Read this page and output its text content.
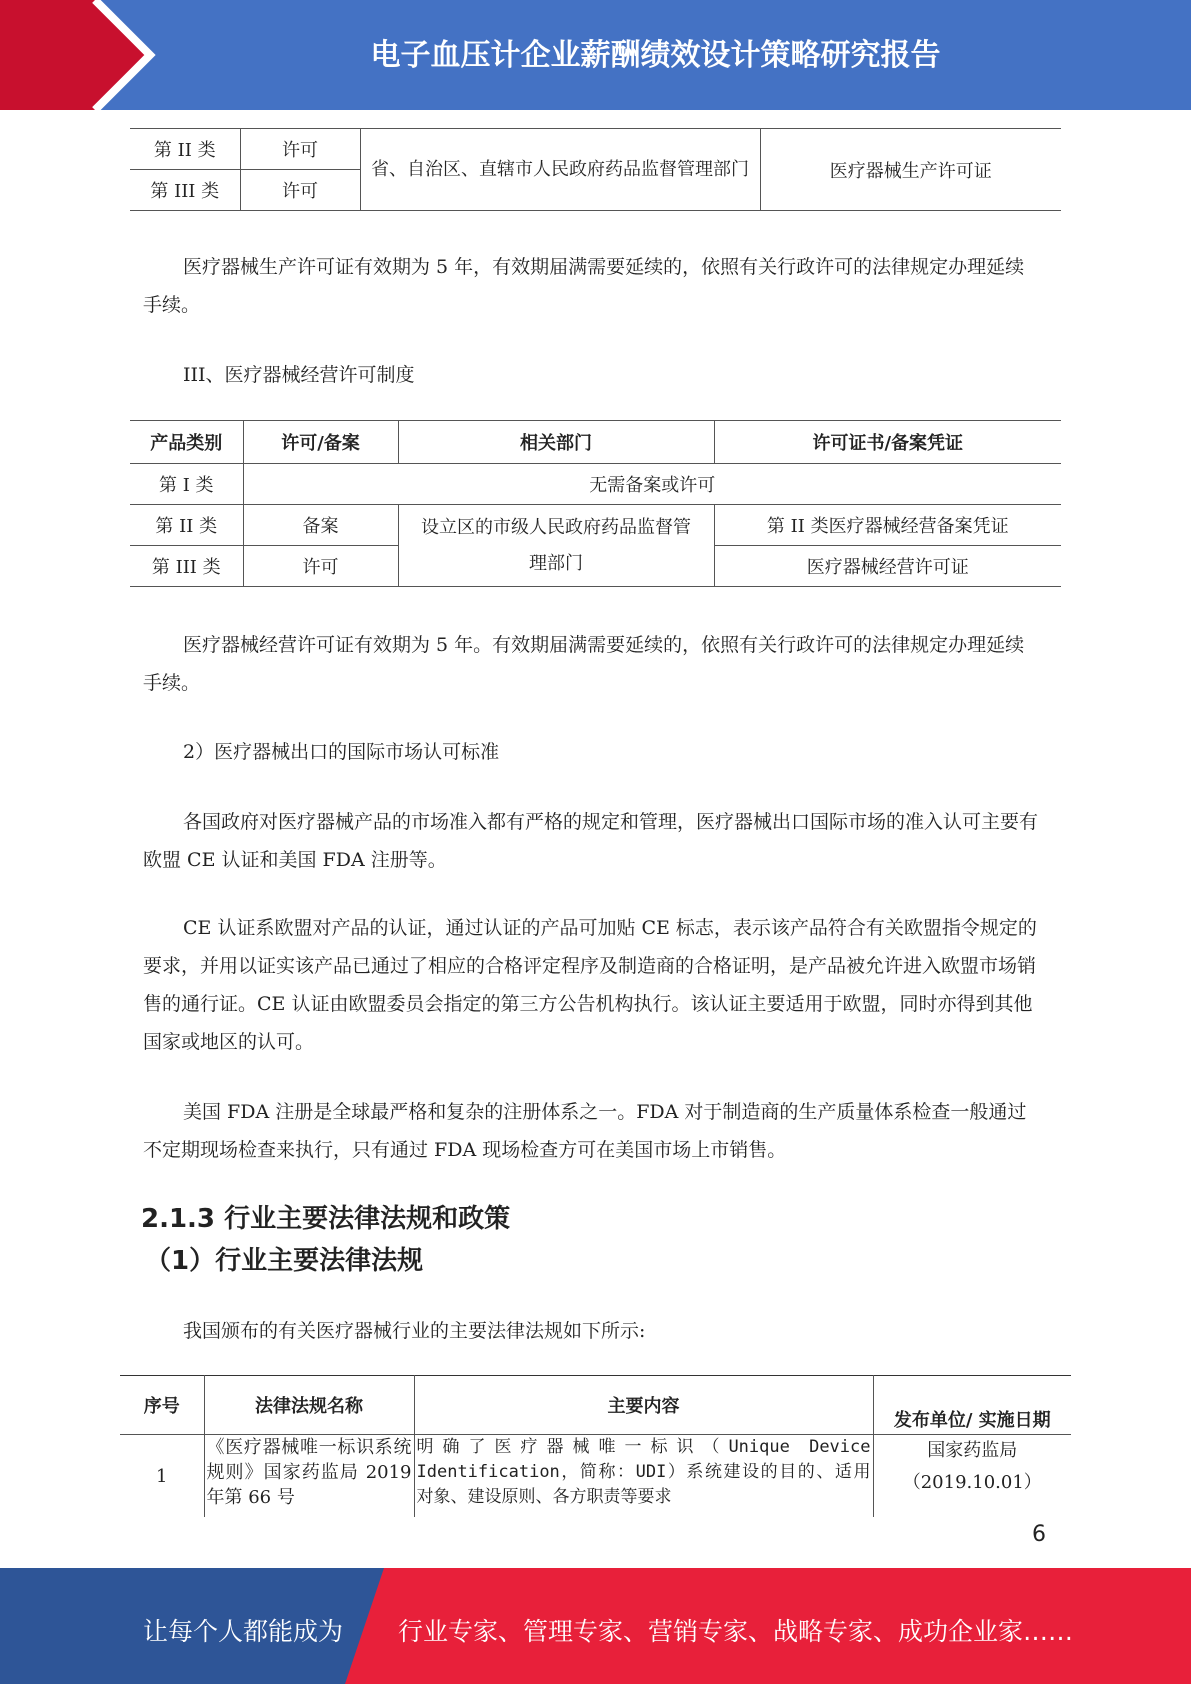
电子血压计企业薪酬绩效设计策略研究报告
第 II 类	许可	省、自治区、直辖市人民政府药品监督管理部门	医疗器械生产许可证
第 III 类	许可		
医疗器械生产许可证有效期为 5 年，有效期届满需要延续的，依照有关行政许可的法律规定办理延续手续。
III、医疗器械经营许可制度
产品类别	许可/备案	相关部门	许可证书/备案凭证
第 I 类	无需备案或许可		
第 II 类	备案	设立区的市级人民政府药品监督管理部门	第 II 类医疗器械经营备案凭证
第 III 类	许可		医疗器械经营许可证
医疗器械经营许可证有效期为 5 年。有效期届满需要延续的，依照有关行政许可的法律规定办理延续手续。
2）医疗器械出口的国际市场认可标准
各国政府对医疗器械产品的市场准入都有严格的规定和管理，医疗器械出口国际市场的准入认可主要有欧盟 CE 认证和美国 FDA 注册等。
CE 认证系欧盟对产品的认证，通过认证的产品可加贴 CE 标志，表示该产品符合有关欧盟指令规定的要求，并用以证实该产品已通过了相应的合格评定程序及制造商的合格证明，是产品被允许进入欧盟市场销售的通行证。CE 认证由欧盟委员会指定的第三方公告机构执行。该认证主要适用于欧盟，同时亦得到其他国家或地区的认可。
美国 FDA 注册是全球最严格和复杂的注册体系之一。FDA 对于制造商的生产质量体系检查一般通过不定期现场检查来执行，只有通过 FDA 现场检查方可在美国市场上市销售。
2.1.3 行业主要法律法规和政策
（1）行业主要法律法规
我国颁布的有关医疗器械行业的主要法律法规如下所示:
序号	法律法规名称	主要内容	发布单位/ 实施日期
1	《医疗器械唯一标识系统规则》国家药监局 2019 年第 66 号	明确了医疗器械唯一标识（Unique Device Identification，简称：UDI）系统建设的目的、适用 对象、建设原则、各方职责等要求	国家药监局
（2019.10.01）
6
让每个人都能成为 行业专家、管理专家、营销专家、战略专家、成功企业家……
